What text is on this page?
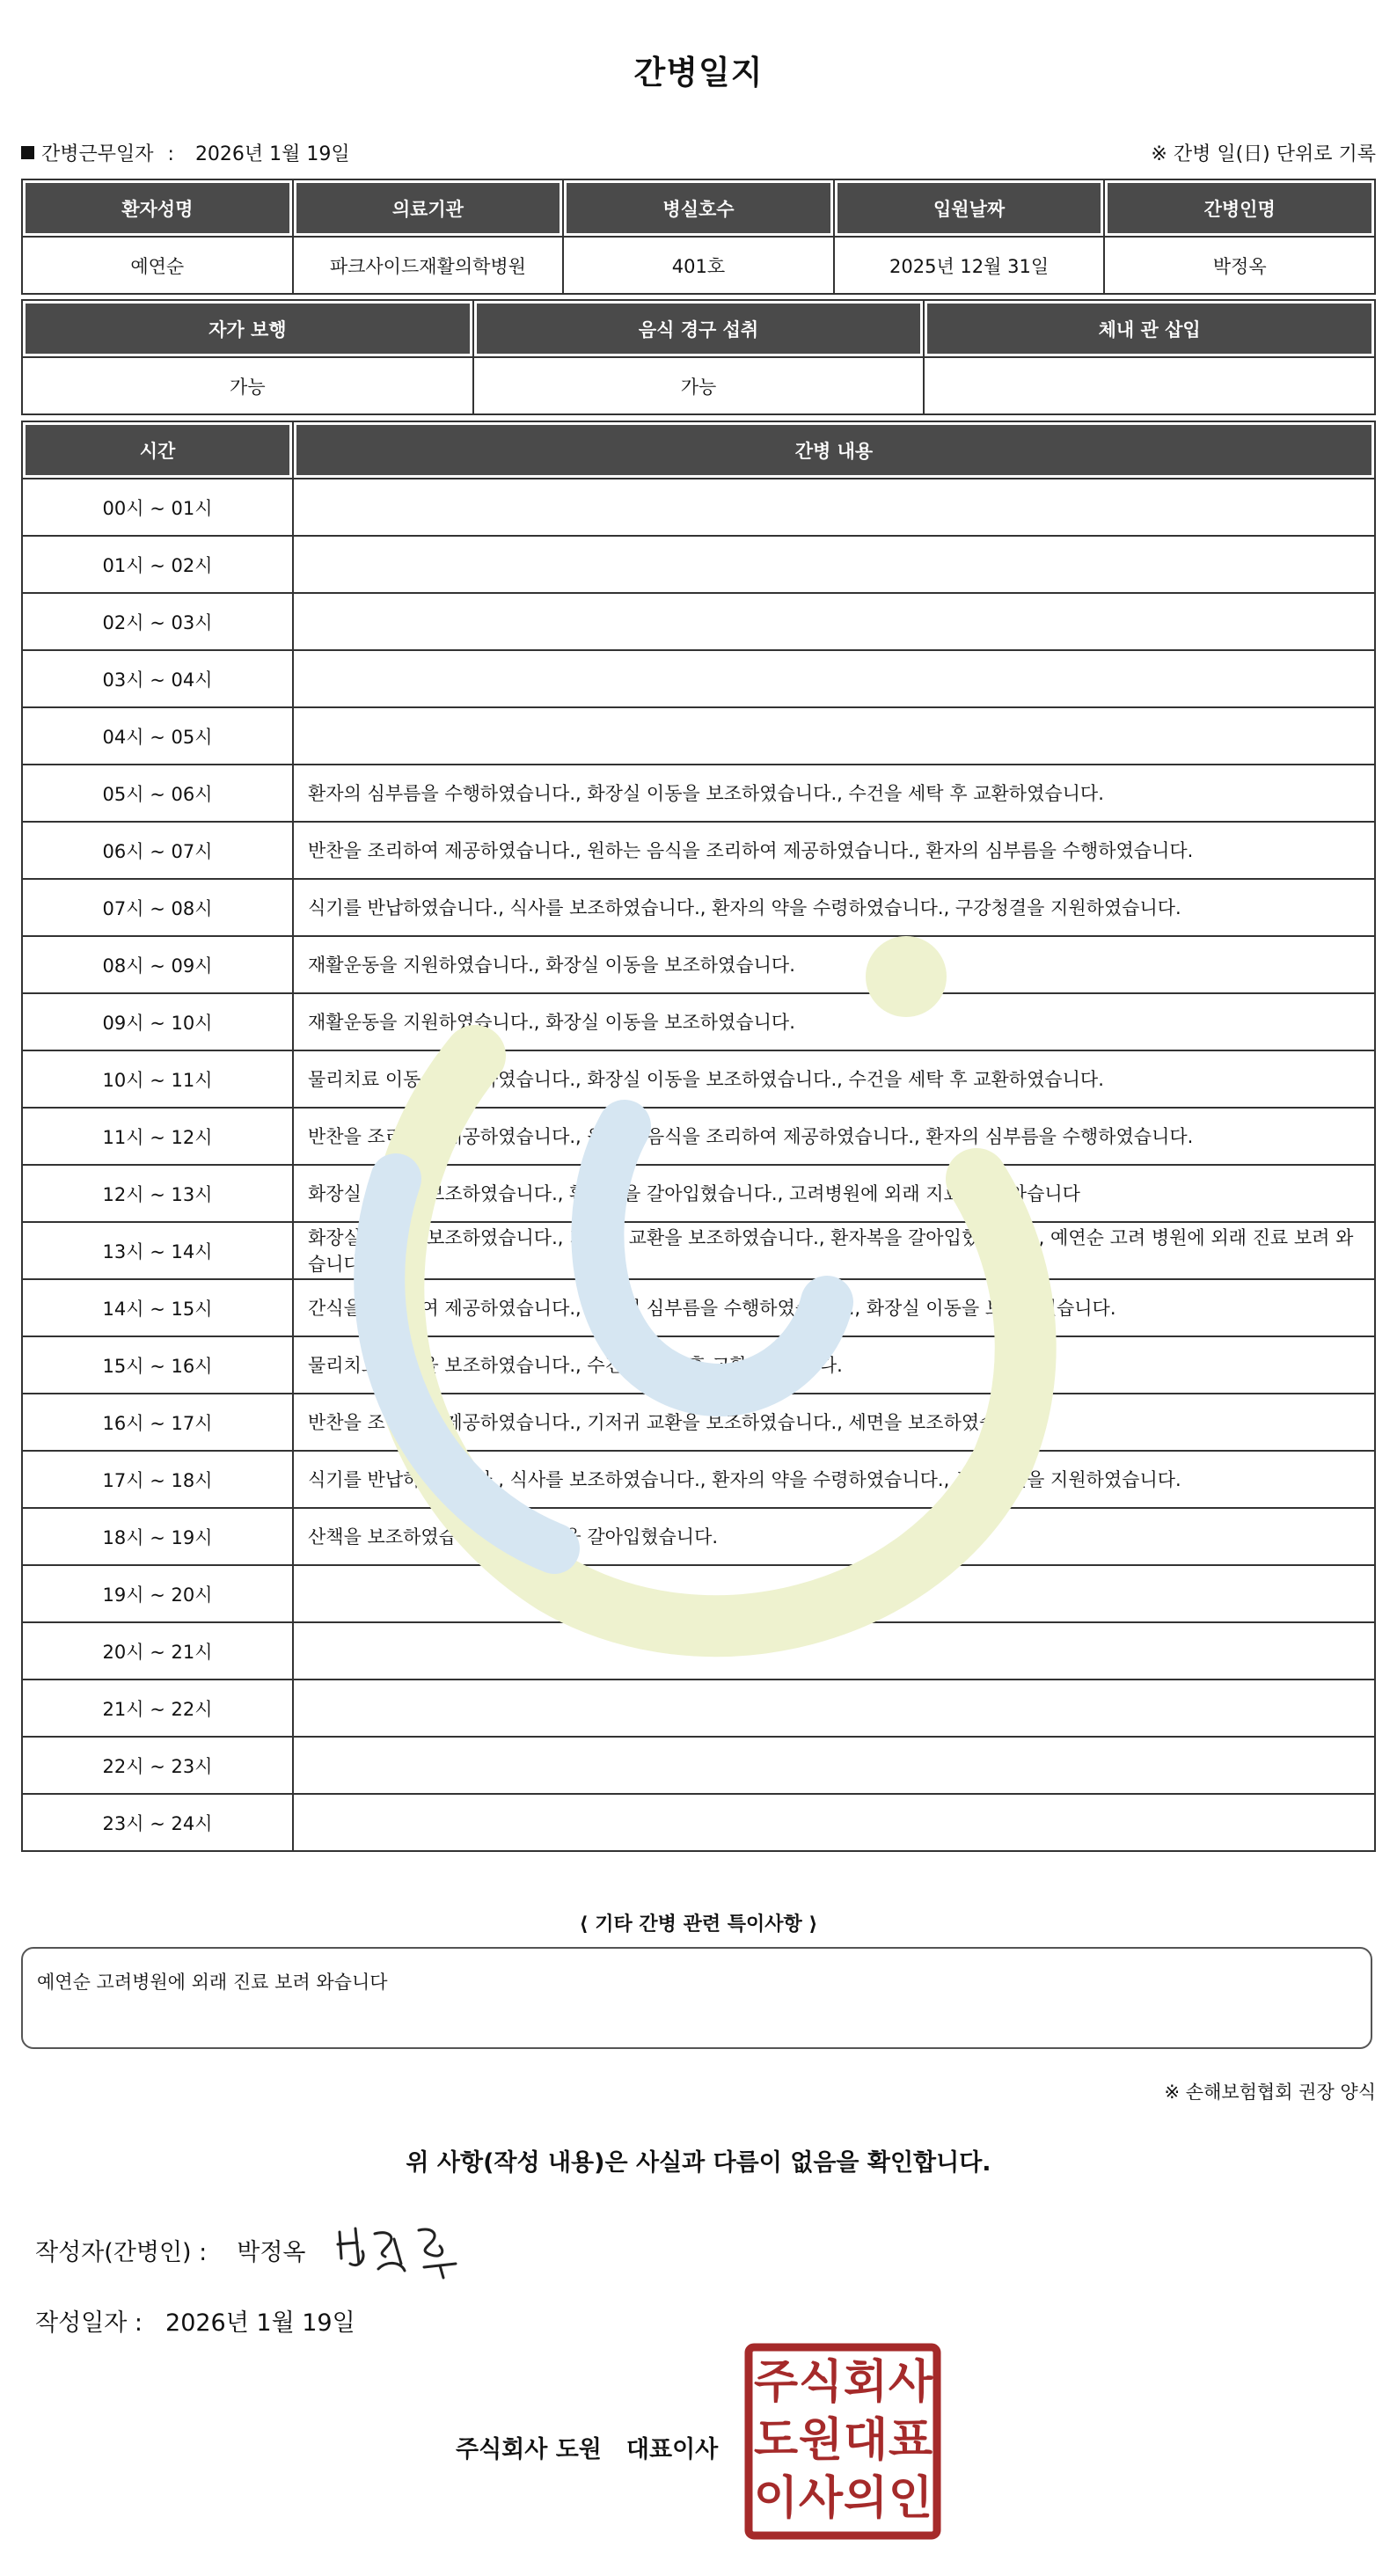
간병일지
간병근무일자 : 2026년 1월 19일	※ 간병 일(日) 단위로 기록
환자성명	의료기관	병실호수	입원날짜	간병인명
예연순	파크사이드재활의학병원	401호	2025년 12월 31일	박정옥
자가 보행	음식 경구 섭취	체내 관 삽입
가능	가능	
시간	간병 내용
00시 ~ 01시	
01시 ~ 02시	
02시 ~ 03시	
03시 ~ 04시	
04시 ~ 05시	
05시 ~ 06시	환자의 심부름을 수행하였습니다., 화장실 이동을 보조하였습니다., 수건을 세탁 후 교환하였습니다.
06시 ~ 07시	반찬을 조리하여 제공하였습니다., 원하는 음식을 조리하여 제공하였습니다., 환자의 심부름을 수행하였습니다.
07시 ~ 08시	식기를 반납하였습니다., 식사를 보조하였습니다., 환자의 약을 수령하였습니다., 구강청결을 지원하였습니다.
08시 ~ 09시	재활운동을 지원하였습니다., 화장실 이동을 보조하였습니다.
09시 ~ 10시	재활운동을 지원하였습니다., 화장실 이동을 보조하였습니다.
10시 ~ 11시	물리치료 이동을 보조하였습니다., 화장실 이동을 보조하였습니다., 수건을 세탁 후 교환하였습니다.
11시 ~ 12시	반찬을 조리하여 제공하였습니다., 원하는 음식을 조리하여 제공하였습니다., 환자의 심부름을 수행하였습니다.
12시 ~ 13시	화장실 이동을 보조하였습니다., 환자복을 갈아입혔습니다., 고려병원에 외래 지료 보러 와습니다
13시 ~ 14시	화장실 이동을 보조하였습니다., 기저귀 교환을 보조하였습니다., 환자복을 갈아입혔습니다., 예연순 고려 병원에 외래 진료 보려 와습니다
14시 ~ 15시	간식을 구매하여 제공하였습니다., 환자의 심부름을 수행하였습니다., 화장실 이동을 보조하였습니다.
15시 ~ 16시	물리치료 이동을 보조하였습니다., 수건을 세탁 후 교환하였습니다.
16시 ~ 17시	반찬을 조리하여 제공하였습니다., 기저귀 교환을 보조하였습니다., 세면을 보조하였습니다.
17시 ~ 18시	식기를 반납하였습니다., 식사를 보조하였습니다., 환자의 약을 수령하였습니다., 구강청결을 지원하였습니다.
18시 ~ 19시	산책을 보조하였습니다., 환자복을 갈아입혔습니다.
19시 ~ 20시	
20시 ~ 21시	
21시 ~ 22시	
22시 ~ 23시	
23시 ~ 24시	
⟨ 기타 간병 관련 특이사항 ⟩
예연순 고려병원에 외래 진료 보려 와습니다
※ 손해보험협회 권장 양식
위 사항(작성 내용)은 사실과 다름이 없음을 확인합니다.
작성자(간병인) : 박정옥
작성일자 : 2026년 1월 19일
주식회사 도원 대표이사
주 식 회 사
도 원 대 표
이 사 의 인
